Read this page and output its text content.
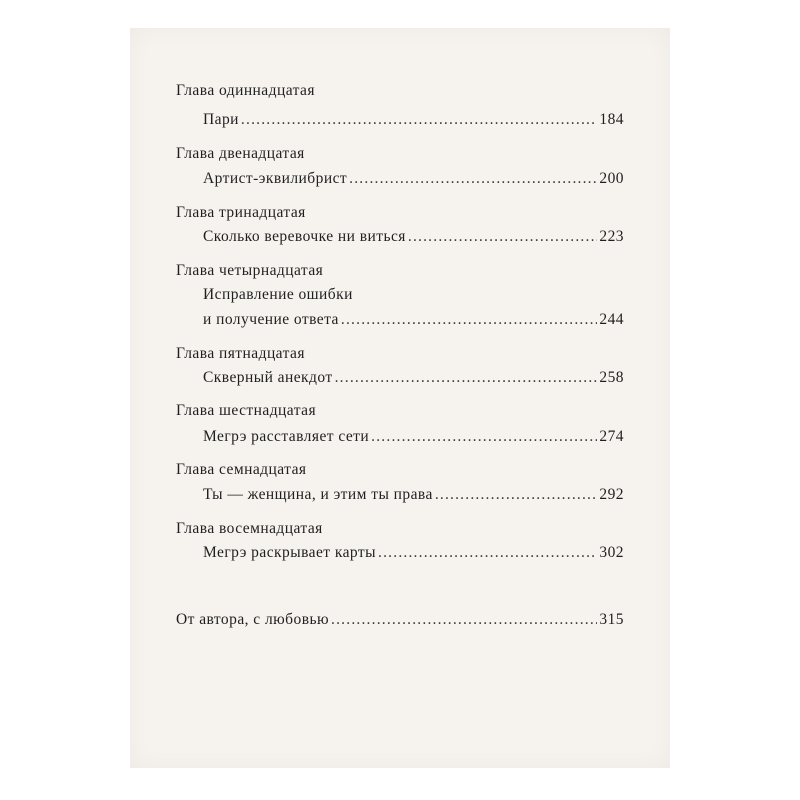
Глава одиннадцатая
Пари .....	184
Глава двенадцатая
Артист-эквилибрист .....	200
Глава тринадцатая
Сколько веревочке ни виться .....	223
Глава четырнадцатая
Исправление ошибки
и получение ответа .....	244
Глава пятнадцатая
Скверный анекдот .....	258
Глава шестнадцатая
Мегрэ расставляет сети .....	274
Глава семнадцатая
Ты — женщина, и этим ты права .....	292
Глава восемнадцатая
Мегрэ раскрывает карты .....	302
От автора, с любовью .....	315
